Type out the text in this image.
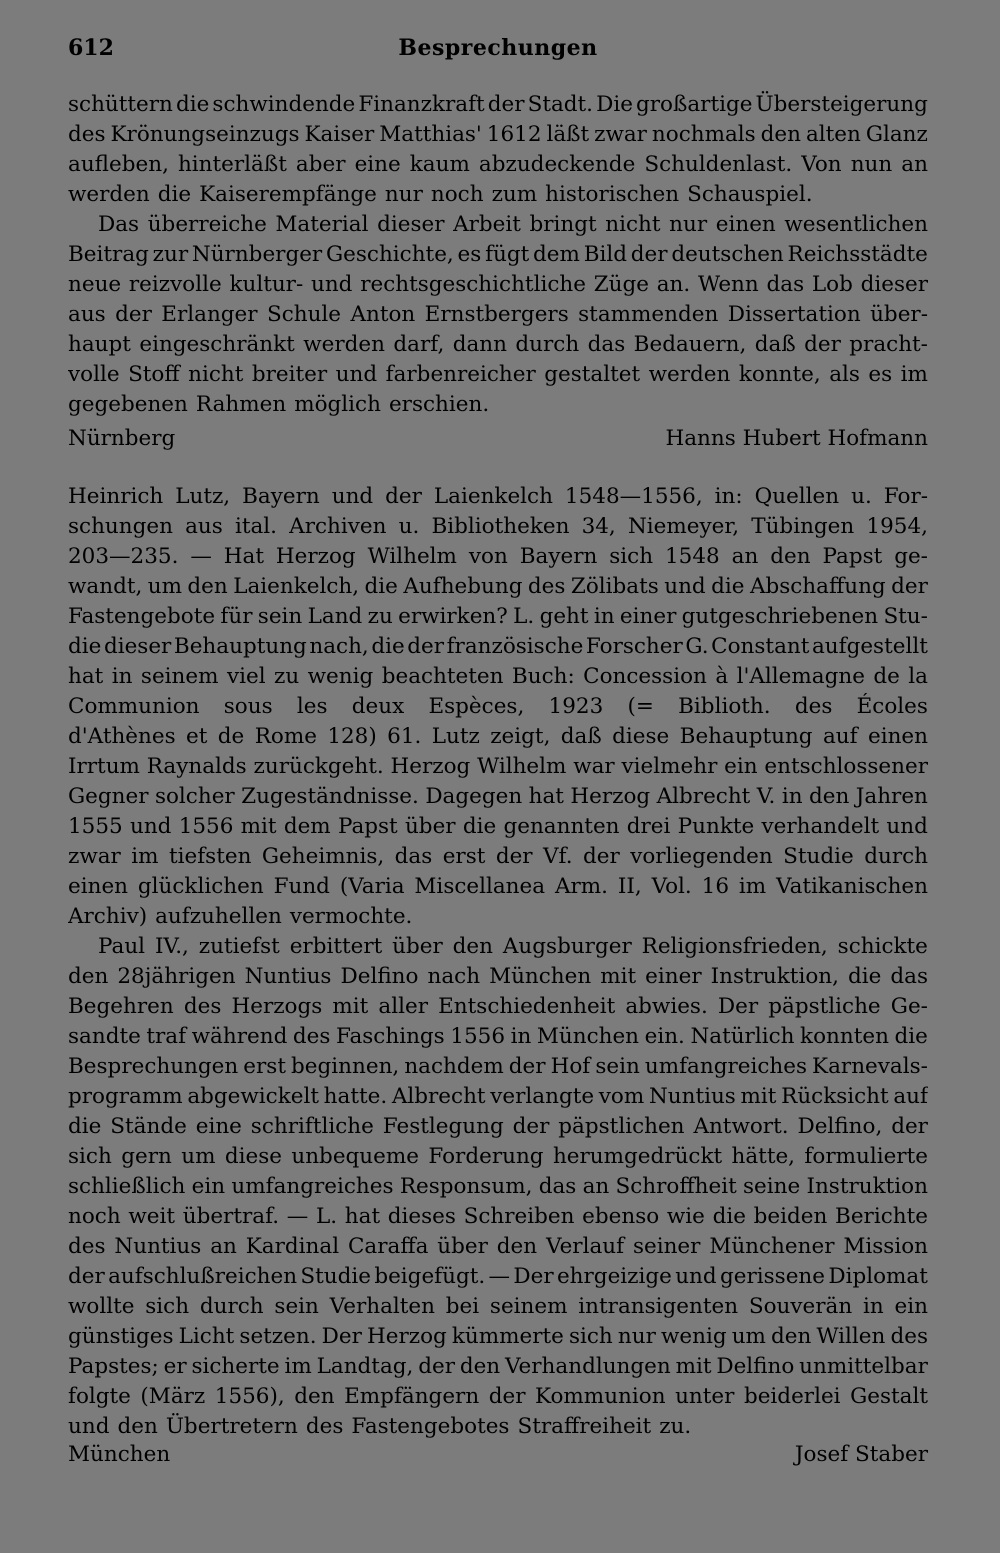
612	Besprechungen
schüttern die schwindende Finanzkraft der Stadt. Die großartige Übersteigerung
des Krönungseinzugs Kaiser Matthias' 1612 läßt zwar nochmals den alten Glanz
aufleben, hinterläßt aber eine kaum abzudeckende Schuldenlast. Von nun an
werden die Kaiserempfänge nur noch zum historischen Schauspiel.
Das überreiche Material dieser Arbeit bringt nicht nur einen wesentlichen
Beitrag zur Nürnberger Geschichte, es fügt dem Bild der deutschen Reichsstädte
neue reizvolle kultur- und rechtsgeschichtliche Züge an. Wenn das Lob dieser
aus der Erlanger Schule Anton Ernstbergers stammenden Dissertation über-
haupt eingeschränkt werden darf, dann durch das Bedauern, daß der pracht-
volle Stoff nicht breiter und farbenreicher gestaltet werden konnte, als es im
gegebenen Rahmen möglich erschien.
Nürnberg	Hanns Hubert Hofmann
Heinrich Lutz, Bayern und der Laienkelch 1548—1556, in: Quellen u. For-
schungen aus ital. Archiven u. Bibliotheken 34, Niemeyer, Tübingen 1954,
203—235. — Hat Herzog Wilhelm von Bayern sich 1548 an den Papst ge-
wandt, um den Laienkelch, die Aufhebung des Zölibats und die Abschaffung der
Fastengebote für sein Land zu erwirken? L. geht in einer gutgeschriebenen Stu-
die dieser Behauptung nach, die der französische Forscher G. Constant aufgestellt
hat in seinem viel zu wenig beachteten Buch: Concession à l'Allemagne de la
Communion sous les deux Espèces, 1923 (= Biblioth. des Écoles
d'Athènes et de Rome 128) 61. Lutz zeigt, daß diese Behauptung auf einen
Irrtum Raynalds zurückgeht. Herzog Wilhelm war vielmehr ein entschlossener
Gegner solcher Zugeständnisse. Dagegen hat Herzog Albrecht V. in den Jahren
1555 und 1556 mit dem Papst über die genannten drei Punkte verhandelt und
zwar im tiefsten Geheimnis, das erst der Vf. der vorliegenden Studie durch
einen glücklichen Fund (Varia Miscellanea Arm. II, Vol. 16 im Vatikanischen
Archiv) aufzuhellen vermochte.
Paul IV., zutiefst erbittert über den Augsburger Religionsfrieden, schickte
den 28jährigen Nuntius Delfino nach München mit einer Instruktion, die das
Begehren des Herzogs mit aller Entschiedenheit abwies. Der päpstliche Ge-
sandte traf während des Faschings 1556 in München ein. Natürlich konnten die
Besprechungen erst beginnen, nachdem der Hof sein umfangreiches Karnevals-
programm abgewickelt hatte. Albrecht verlangte vom Nuntius mit Rücksicht auf
die Stände eine schriftliche Festlegung der päpstlichen Antwort. Delfino, der
sich gern um diese unbequeme Forderung herumgedrückt hätte, formulierte
schließlich ein umfangreiches Responsum, das an Schroffheit seine Instruktion
noch weit übertraf. — L. hat dieses Schreiben ebenso wie die beiden Berichte
des Nuntius an Kardinal Caraffa über den Verlauf seiner Münchener Mission
der aufschlußreichen Studie beigefügt. — Der ehrgeizige und gerissene Diplomat
wollte sich durch sein Verhalten bei seinem intransigenten Souverän in ein
günstiges Licht setzen. Der Herzog kümmerte sich nur wenig um den Willen des
Papstes; er sicherte im Landtag, der den Verhandlungen mit Delfino unmittelbar
folgte (März 1556), den Empfängern der Kommunion unter beiderlei Gestalt
und den Übertretern des Fastengebotes Straffreiheit zu.
München	Josef Staber
